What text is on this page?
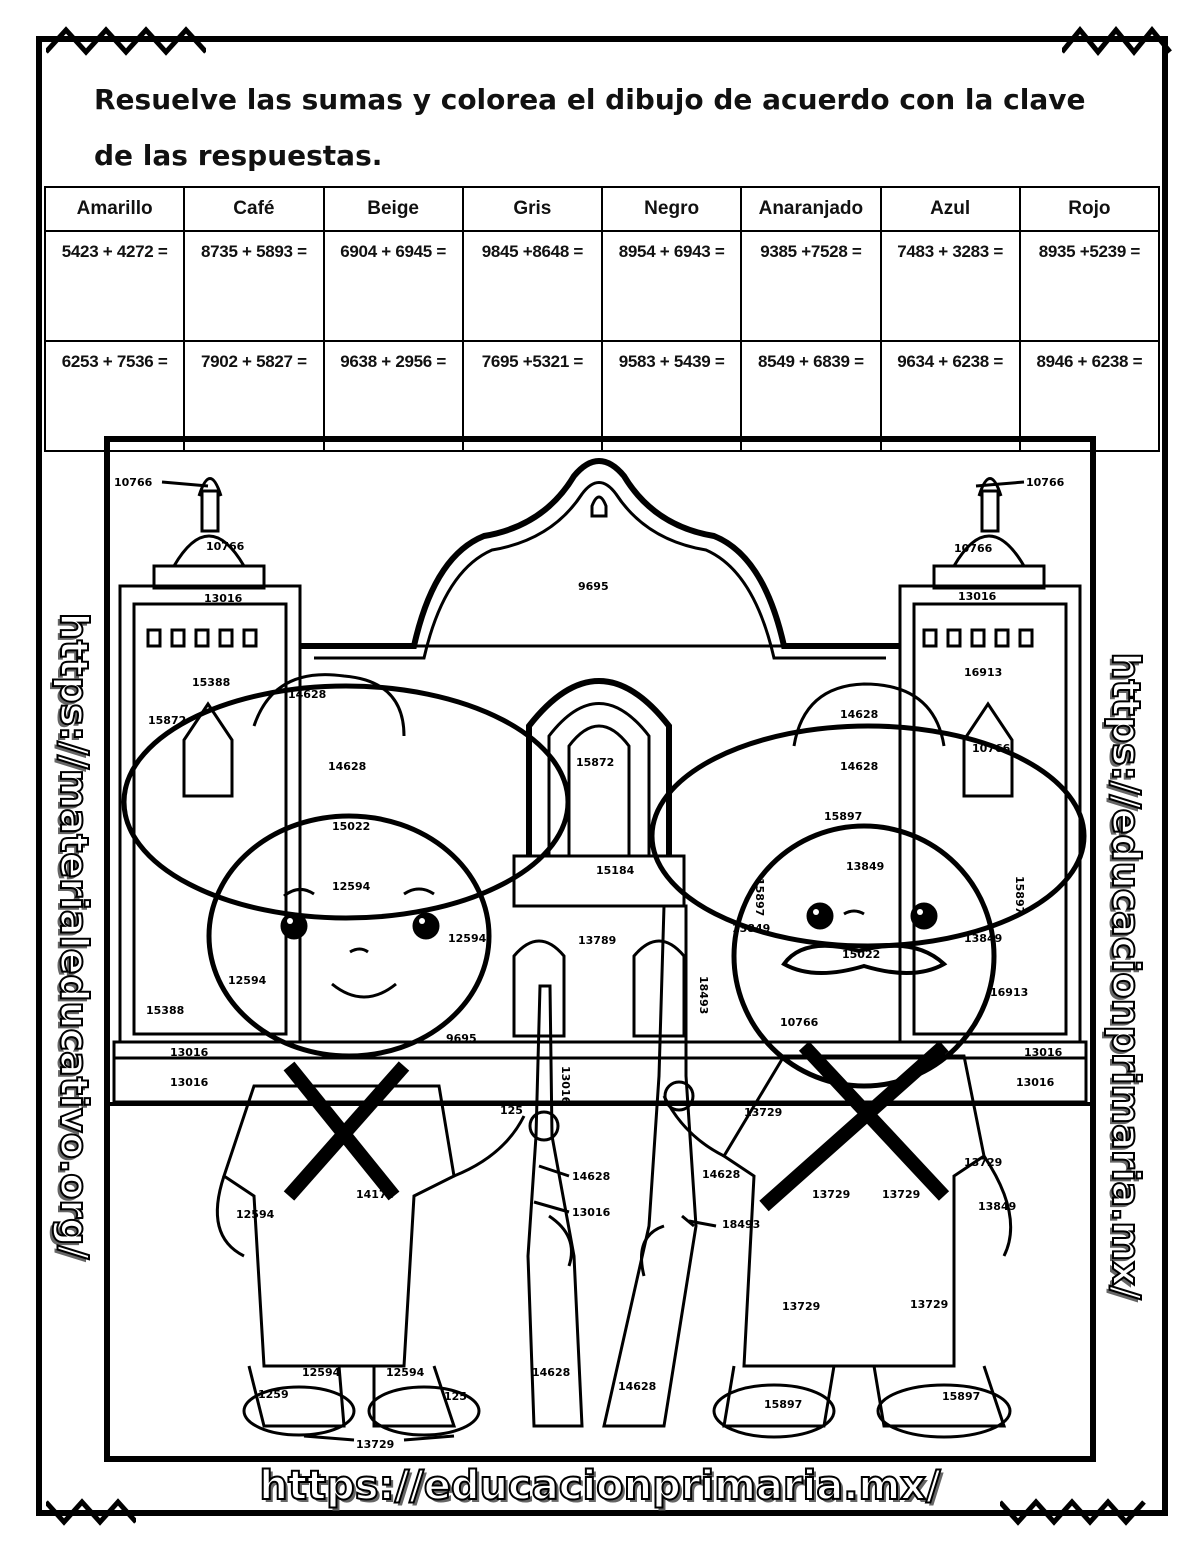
Resuelve las sumas y colorea el dibujo de acuerdo con la clave de las respuestas.
Amarillo	Café	Beige	Gris	Negro	Anaranjado	Azul	Rojo
5423 + 4272 =	8735 + 5893 =	6904 + 6945 =	9845 +8648 =	8954 + 6943 =	9385 +7528 =	7483 + 3283 =	8935 +5239 =
6253 + 7536 =	7902 + 5827 =	9638 + 2956 =	7695 +5321 =	9583 + 5439 =	8549 + 6839 =	9634 + 6238 =	8946 + 6238 =
10766	10766
10766	10766
13016	13016
9695
15388
16913
14628
15872
10766
14628
14628	14628
15022
15897
15872
13849
12594
15184
15897	15897
12594	13789
13849
13849
12594
15022
18493
13016
15388
16913
9695
10766
13016	13016
13016	13016
125	13729
13729
14628	14628
14174	13729	13729
12594	13016
18493
13849
13729	13729
12594	12594	14628
14628
1259	125
15897
15897
13729
https://materialeducativo.org/	https://educacionprimaria.mx/
https://educacionprimaria.mx/
